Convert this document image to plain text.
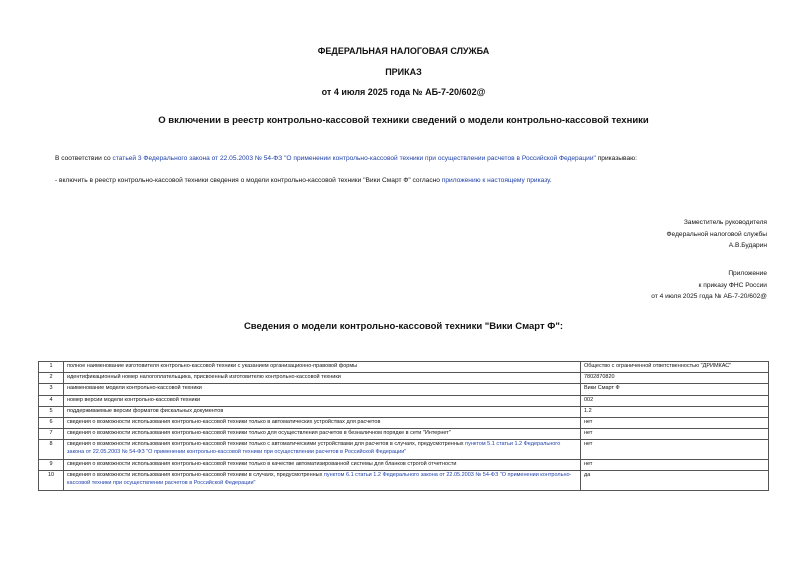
ФЕДЕРАЛЬНАЯ НАЛОГОВАЯ СЛУЖБА
ПРИКАЗ
от 4 июля 2025 года № АБ-7-20/602@
О включении в реестр контрольно-кассовой техники сведений о модели контрольно-кассовой техники
В соответствии со статьей 3 Федерального закона от 22.05.2003 № 54-ФЗ "О применении контрольно-кассовой техники при осуществлении расчетов в Российской Федерации" приказываю:
- включить в реестр контрольно-кассовой техники сведения о модели контрольно-кассовой техники "Вики Смарт Ф" согласно приложению к настоящему приказу.
Заместитель руководителя
Федеральной налоговой службы
А.В.Бударин
Приложение
к приказу ФНС России
от 4 июля 2025 года № АБ-7-20/602@
Сведения о модели контрольно-кассовой техники "Вики Смарт Ф":
1	полное наименование изготовителя контрольно-кассовой техники с указанием организационно-правовой формы	Общество с ограниченной ответственностью "ДРИМКАС"
2	идентификационный номер налогоплательщика, присвоенный изготовителю контрольно-кассовой техники	7802870820
3	наименование модели контрольно-кассовой техники	Вики Смарт Ф
4	номер версии модели контрольно-кассовой техники	002
5	поддерживаемые версии форматов фискальных документов	1.2
6	сведения о возможности использования контрольно-кассовой техники только в автоматических устройствах для расчетов	нет
7	сведения о возможности использования контрольно-кассовой техники только для осуществления расчетов в безналичном порядке в сети "Интернет"	нет
8	сведения о возможности использования контрольно-кассовой техники только с автоматическими устройствами для расчетов в случаях, предусмотренных пунктом 5.1 статьи 1.2 Федерального закона от 22.05.2003 № 54-ФЗ "О применении контрольно-кассовой техники при осуществлении расчетов в Российской Федерации"	нет
9	сведения о возможности использования контрольно-кассовой техники только в качестве автоматизированной системы для бланков строгой отчетности	нет
10	сведения о возможности использования контрольно-кассовой техники в случаях, предусмотренных пунктом 6.1 статьи 1.2 Федерального закона от 22.05.2003 № 54-ФЗ "О применении контрольно-кассовой техники при осуществлении расчетов в Российской Федерации"	да
